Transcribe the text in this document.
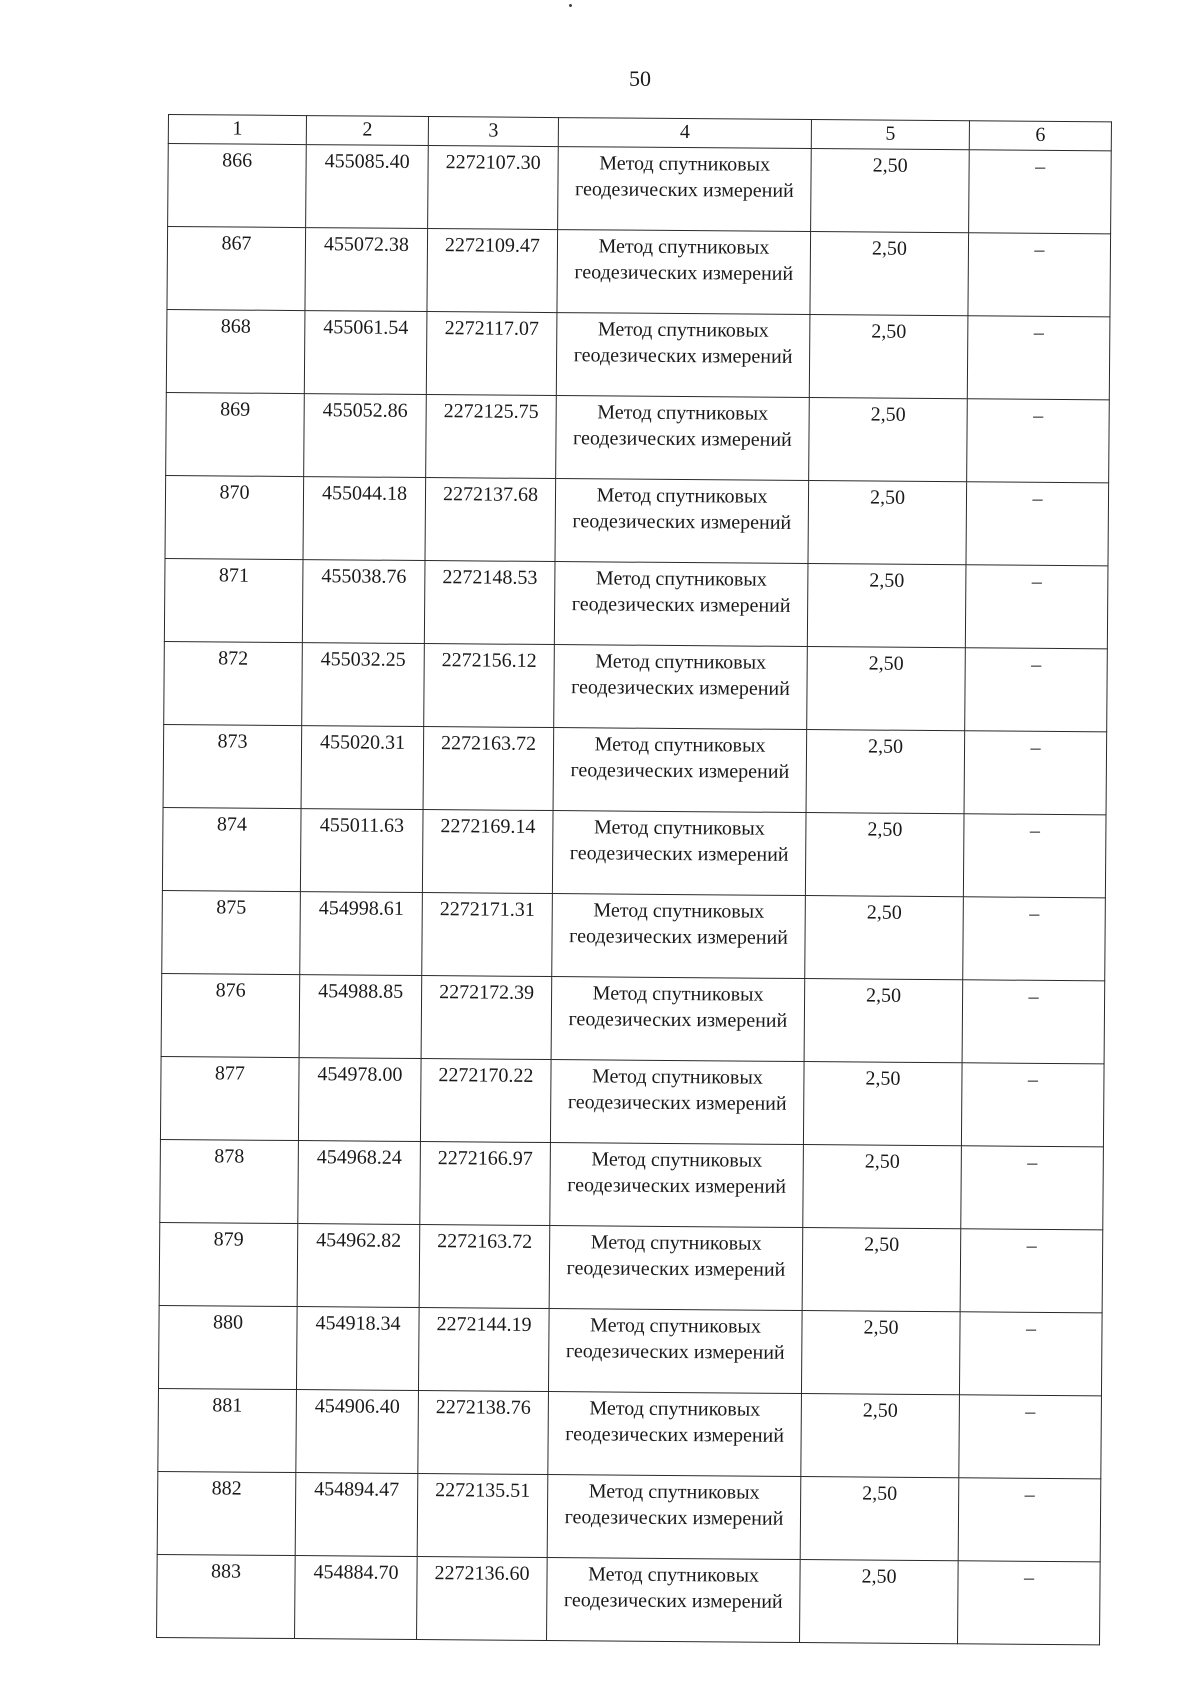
50
1	2	3	4	5	6
866	455085.40	2272107.30	Метод спутниковых геодезических измерений	2,50	–
867	455072.38	2272109.47	Метод спутниковых геодезических измерений	2,50	–
868	455061.54	2272117.07	Метод спутниковых геодезических измерений	2,50	–
869	455052.86	2272125.75	Метод спутниковых геодезических измерений	2,50	–
870	455044.18	2272137.68	Метод спутниковых геодезических измерений	2,50	–
871	455038.76	2272148.53	Метод спутниковых геодезических измерений	2,50	–
872	455032.25	2272156.12	Метод спутниковых геодезических измерений	2,50	–
873	455020.31	2272163.72	Метод спутниковых геодезических измерений	2,50	–
874	455011.63	2272169.14	Метод спутниковых геодезических измерений	2,50	–
875	454998.61	2272171.31	Метод спутниковых геодезических измерений	2,50	–
876	454988.85	2272172.39	Метод спутниковых геодезических измерений	2,50	–
877	454978.00	2272170.22	Метод спутниковых геодезических измерений	2,50	–
878	454968.24	2272166.97	Метод спутниковых геодезических измерений	2,50	–
879	454962.82	2272163.72	Метод спутниковых геодезических измерений	2,50	–
880	454918.34	2272144.19	Метод спутниковых геодезических измерений	2,50	–
881	454906.40	2272138.76	Метод спутниковых геодезических измерений	2,50	–
882	454894.47	2272135.51	Метод спутниковых геодезических измерений	2,50	–
883	454884.70	2272136.60	Метод спутниковых геодезических измерений	2,50	–
